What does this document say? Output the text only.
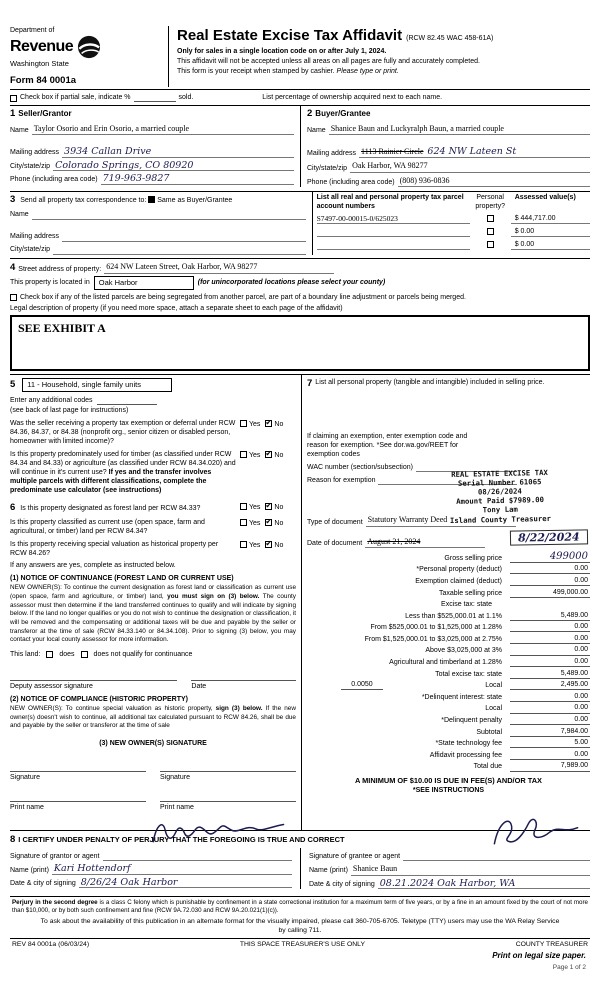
Department of
Revenue
Washington State
Form 84 0001a
Real Estate Excise Tax Affidavit (RCW 82.45 WAC 458-61A)
Only for sales in a single location code on or after July 1, 2024.
This affidavit will not be accepted unless all areas on all pages are fully and accurately completed.
This form is your receipt when stamped by cashier. Please type or print.
Check box if partial sale, indicate %	sold.	List percentage of ownership acquired next to each name.
1 Seller/Grantor
Name Taylor Osorio and Erin Osorio, a married couple
Mailing address 3934 Callan Drive
City/state/zip Colorado Springs, CO 80920
Phone (including area code) 719-963-9827
2 Buyer/Grantee
Name Shanice Baun and Luckyralph Baun, a married couple
Mailing address 1113 Rainier Circle 624 NW Lateen St
City/state/zip Oak Harbor, WA 98277
Phone (including area code) (808) 936-0836
3 Send all property tax correspondence to: Same as Buyer/Grantee
Name
Mailing address
City/state/zip
List all real and personal property tax parcel account numbers
Personal property?
Assessed value(s)
S7497-00-00015-0/625023	$ 444,717.00
$ 0.00
$ 0.00
4 Street address of property: 624 NW Lateen Street, Oak Harbor, WA 98277
This property is located in	Oak Harbor	(for unincorporated locations please select your county)
Check box if any of the listed parcels are being segregated from another parcel, are part of a boundary line adjustment or parcels being merged.
Legal description of property (if you need more space, attach a separate sheet to each page of the affidavit)
SEE EXHIBIT A
5	11 - Household, single family units
Enter any additional codes
(see back of last page for instructions)
Was the seller receiving a property tax exemption or deferral under RCW 84.36, 84.37, or 84.38 (nonprofit org., senior citizen or disabled person, homeowner with limited income)?
Yes ✔ No
Is this property predominately used for timber (as classified under RCW 84.34 and 84.33) or agriculture (as classified under RCW 84.34.020) and will continue in it's current use? If yes and the transfer involves multiple parcels with different classifications, complete the predominate use calculator (see instructions)
Yes ✔ No
6 Is this property designated as forest land per RCW 84.33?	Yes ✔ No
Is this property classified as current use (open space, farm and agricultural, or timber) land per RCW 84.34?
Yes ✔ No
Is this property receiving special valuation as historical property per RCW 84.26?
Yes ✔ No
If any answers are yes, complete as instructed below.
(1) NOTICE OF CONTINUANCE (FOREST LAND OR CURRENT USE)
NEW OWNER(S): To continue the current designation as forest land or classification as current use (open space, farm and agriculture, or timber) land, you must sign on (3) below. The county assessor must then determine if the land transferred continues to qualify and will indicate by signing below. If the land no longer qualifies or you do not wish to continue the designation or classification, it will be removed and the compensating or additional taxes will be due and payable by the seller or transferor at the time of sale (RCW 84.33.140 or 84.34.108). Prior to signing (3) below, you may contact your local county assessor for more information.
This land:	does	does not qualify for continuance
Deputy assessor signature	Date
(2) NOTICE OF COMPLIANCE (HISTORIC PROPERTY)
NEW OWNER(S): To continue special valuation as historic property, sign (3) below. If the new owner(s) doesn't wish to continue, all additional tax calculated pursuant to RCW 84.26, shall be due and payable by the seller or transferor at the time of sale
(3) NEW OWNER(S) SIGNATURE
Signature	Signature
Print name	Print name
7 List all personal property (tangible and intangible) included in selling price.
If claiming an exemption, enter exemption code and reason for exemption. *See dor.wa.gov/REET for exemption codes
WAC number (section/subsection)
Reason for exemption
REAL ESTATE EXCISE TAX
Serial Number 61065
08/26/2024
Amount Paid $7989.00
Tony Lam
Island County Treasurer
Type of document Statutory Warranty Deed
Date of document August 21, 2024	8/22/2024
Gross selling price	499000
*Personal property (deduct)	0.00
Exemption claimed (deduct)	0.00
Taxable selling price	499,000.00
Excise tax: state
Less than $525,000.01 at 1.1%	5,489.00
From $525,000.01 to $1,525,000 at 1.28%	0.00
From $1,525,000.01 to $3,025,000 at 2.75%	0.00
Above $3,025,000 at 3%	0.00
Agricultural and timberland at 1.28%	0.00
Total excise tax: state	5,489.00
0.0050	Local	2,495.00
*Delinquent interest: state	0.00
Local	0.00
*Delinquent penalty	0.00
Subtotal	7,984.00
*State technology fee	5.00
Affidavit processing fee	0.00
Total due	7,989.00
A MINIMUM OF $10.00 IS DUE IN FEE(S) AND/OR TAX
*SEE INSTRUCTIONS
8 I CERTIFY UNDER PENALTY OF PERJURY THAT THE FOREGOING IS TRUE AND CORRECT
Signature of grantor or agent
Name (print) Kari Hottendorf
Date & city of signing 8/26/24 Oak Harbor
Signature of grantee or agent
Name (print) Shanice Baun
Date & city of signing 08.21.2024 Oak Harbor, WA
Perjury in the second degree is a class C felony which is punishable by confinement in a state correctional institution for a maximum term of five years, or by a fine in an amount fixed by the court of not more than $10,000, or by both such confinement and fine (RCW 9A.72.030 and RCW 9A.20.021(1)(c)).
To ask about the availability of this publication in an alternate format for the visually impaired, please call 360-705-6705. Teletype (TTY) users may use the WA Relay Service by calling 711.
REV 84 0001a (06/03/24)	THIS SPACE TREASURER'S USE ONLY	COUNTY TREASURER
Print on legal size paper.
Page 1 of 2
